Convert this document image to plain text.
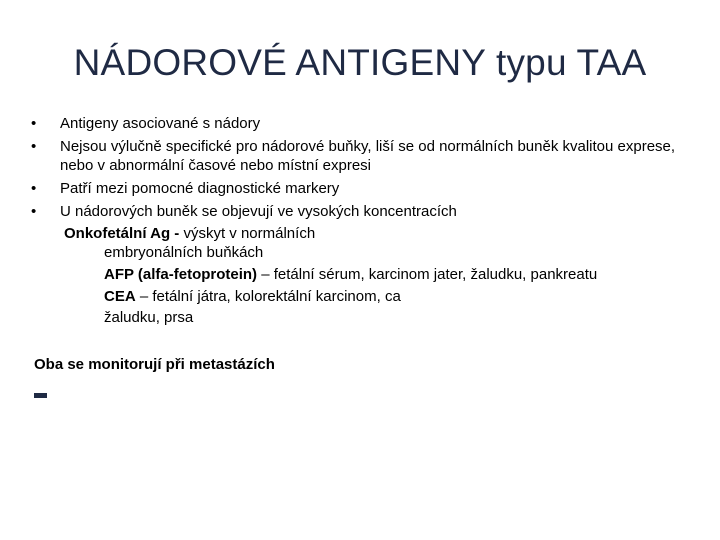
NÁDOROVÉ ANTIGENY typu TAA
• Antigeny asociované s nádory
• Nejsou výlučně specifické pro nádorové buňky, liší se od normálních buněk kvalitou exprese, nebo v abnormální časové nebo místní expresi
• Patří mezi pomocné diagnostické markery
• U nádorových buněk se objevují ve vysokých koncentracích
Onkofetální Ag - výskyt v normálních
embryonálních buňkách
AFP (alfa-fetoprotein) – fetální sérum, karcinom jater, žaludku, pankreatu
CEA – fetální játra, kolorektální karcinom, ca
žaludku, prsa
Oba se monitorují při metastázích
